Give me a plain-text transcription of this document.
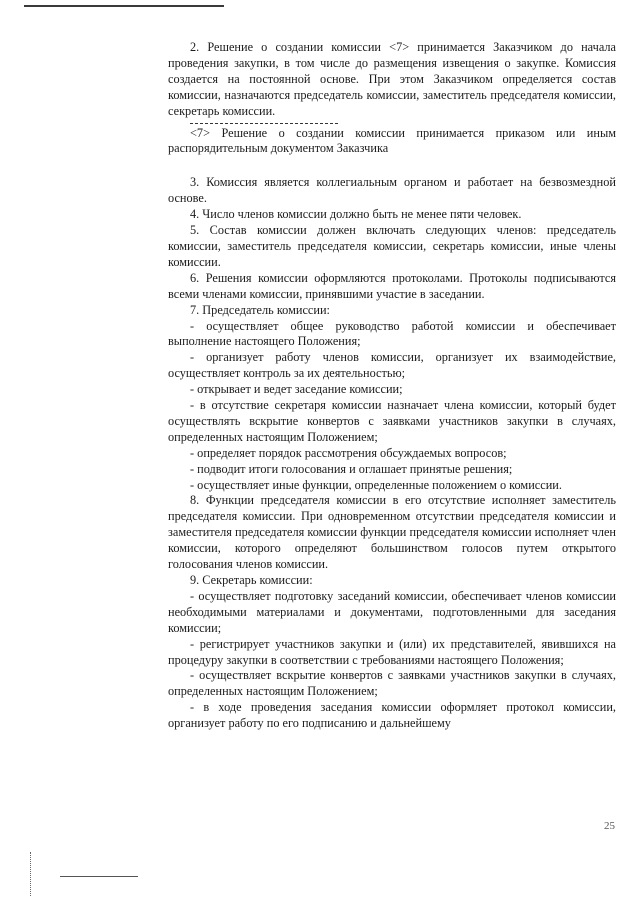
2. Решение о создании комиссии <7> принимается Заказчиком до начала проведения закупки, в том числе до размещения извещения о закупке. Комиссия создается на постоянной основе. При этом Заказчиком определяется состав комиссии, назначаются председатель комиссии, заместитель председателя комиссии, секретарь комиссии.

<7> Решение о создании комиссии принимается приказом или иным распорядительным документом Заказчика

3. Комиссия является коллегиальным органом и работает на безвозмездной основе.

4. Число членов комиссии должно быть не менее пяти человек.

5. Состав комиссии должен включать следующих членов: председатель комиссии, заместитель председателя комиссии, секретарь комиссии, иные члены комиссии.

6. Решения комиссии оформляются протоколами. Протоколы подписываются всеми членами комиссии, принявшими участие в заседании.

7. Председатель комиссии:

- осуществляет общее руководство работой комиссии и обеспечивает выполнение настоящего Положения;

- организует работу членов комиссии, организует их взаимодействие, осуществляет контроль за их деятельностью;

- открывает и ведет заседание комиссии;

- в отсутствие секретаря комиссии назначает члена комиссии, который будет осуществлять вскрытие конвертов с заявками участников закупки в случаях, определенных настоящим Положением;

- определяет порядок рассмотрения обсуждаемых вопросов;

- подводит итоги голосования и оглашает принятые решения;

- осуществляет иные функции, определенные положением о комиссии.

8. Функции председателя комиссии в его отсутствие исполняет заместитель председателя комиссии. При одновременном отсутствии председателя комиссии и заместителя председателя комиссии функции председателя комиссии исполняет член комиссии, которого определяют большинством голосов путем открытого голосования членов комиссии.

9. Секретарь комиссии:

- осуществляет подготовку заседаний комиссии, обеспечивает членов комиссии необходимыми материалами и документами, подготовленными для заседания комиссии;

- регистрирует участников закупки и (или) их представителей, явившихся на процедуру закупки в соответствии с требованиями настоящего Положения;

- осуществляет вскрытие конвертов с заявками участников закупки в случаях, определенных настоящим Положением;

- в ходе проведения заседания комиссии оформляет протокол комиссии, организует работу по его подписанию и дальнейшему

25
